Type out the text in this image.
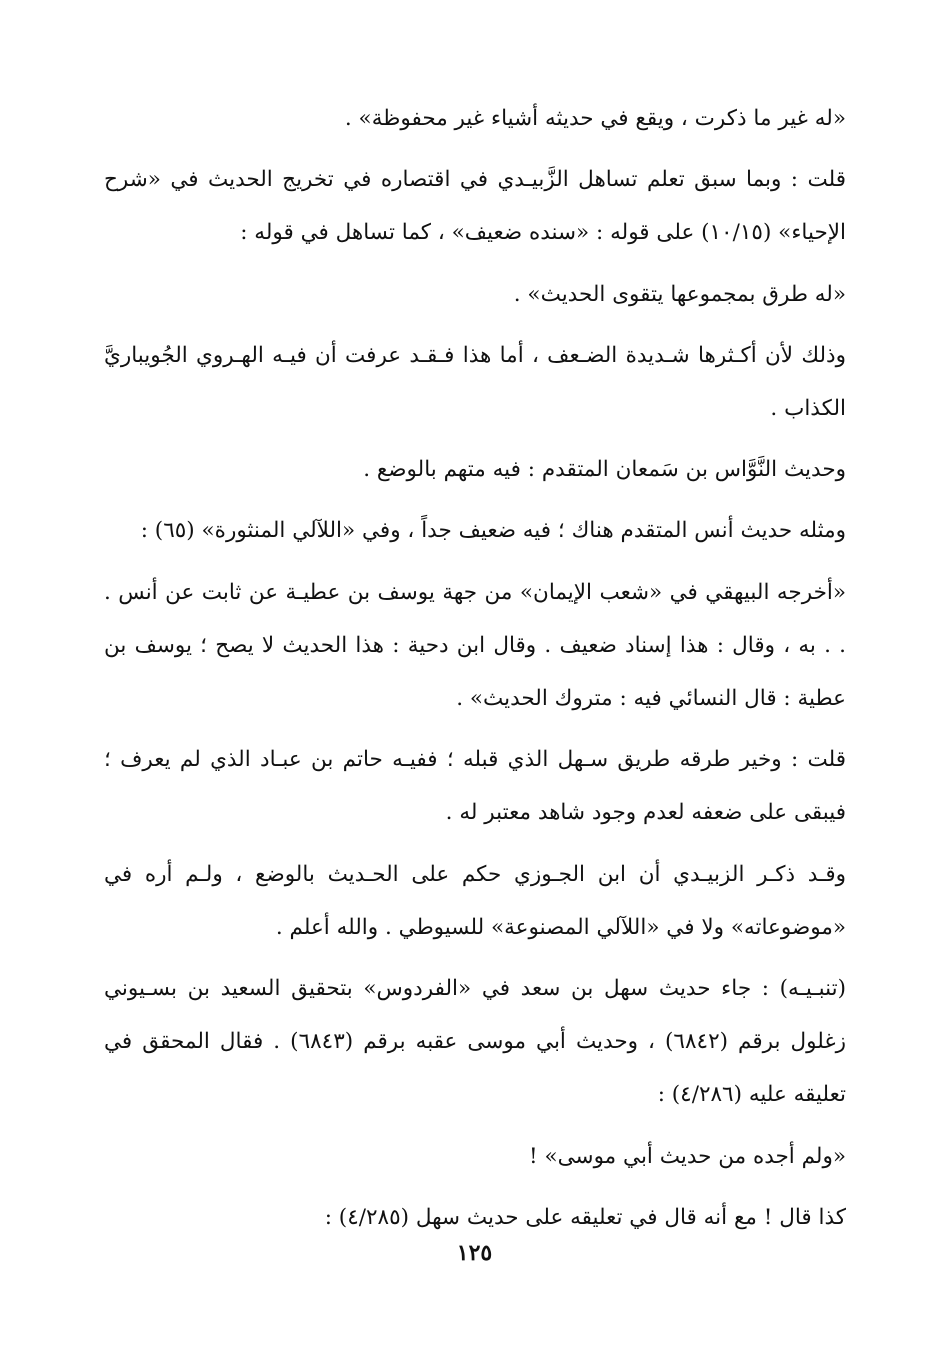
«له غير ما ذكرت ، ويقع في حديثه أشياء غير محفوظة» .

قلت : وبما سبق تعلم تساهل الزَّبيـدي في اقتصاره في تخريج الحديث في «شرح الإحياء» (١٠/١٥) على قوله : «سنده ضعيف» ، كما تساهل في قوله :

«له طرق بمجموعها يتقوى الحديث» .

وذلك لأن أكـثرها شـديدة الضـعف ، أما هذا فـقـد عرفت أن فيـه الهـروي الجُويباريَّ الكذاب .

وحديث النَّوَّاس بن سَمعان المتقدم : فيه متهم بالوضع .

ومثله حديث أنس المتقدم هناك ؛ فيه ضعيف جداً ، وفي «اللآلي المنثورة» (٦٥) :

«أخرجه البيهقي في «شعب الإيمان» من جهة يوسف بن عطيـة عن ثابت عن أنس . . . به ، وقال : هذا إسناد ضعيف . وقال ابن دحية : هذا الحديث لا يصح ؛ يوسف بن عطية : قال النسائي فيه : متروك الحديث» .

قلت : وخير طرقه طريق سـهل الذي قبله ؛ ففيـه حاتم بن عبـاد الذي لم يعرف ؛ فيبقى على ضعفه لعدم وجود شاهد معتبر له .

وقـد ذكـر الزبيـدي أن ابن الجـوزي حكم على الحـديث بالوضع ، ولـم أره في «موضوعاته» ولا في «اللآلي المصنوعة» للسيوطي . والله أعلم .

(تنبـيـه) : جاء حديث سهل بن سعد في «الفردوس» بتحقيق السعيد بن بسـيوني زغلول برقم (٦٨٤٢) ، وحديث أبي موسى عقبه برقم (٦٨٤٣) . فقال المحقق في تعليقه عليه (٤/٢٨٦) :

«ولم أجده من حديث أبي موسى» !

كذا قال ! مع أنه قال في تعليقه على حديث سهل (٤/٢٨٥) :

١٢٥
